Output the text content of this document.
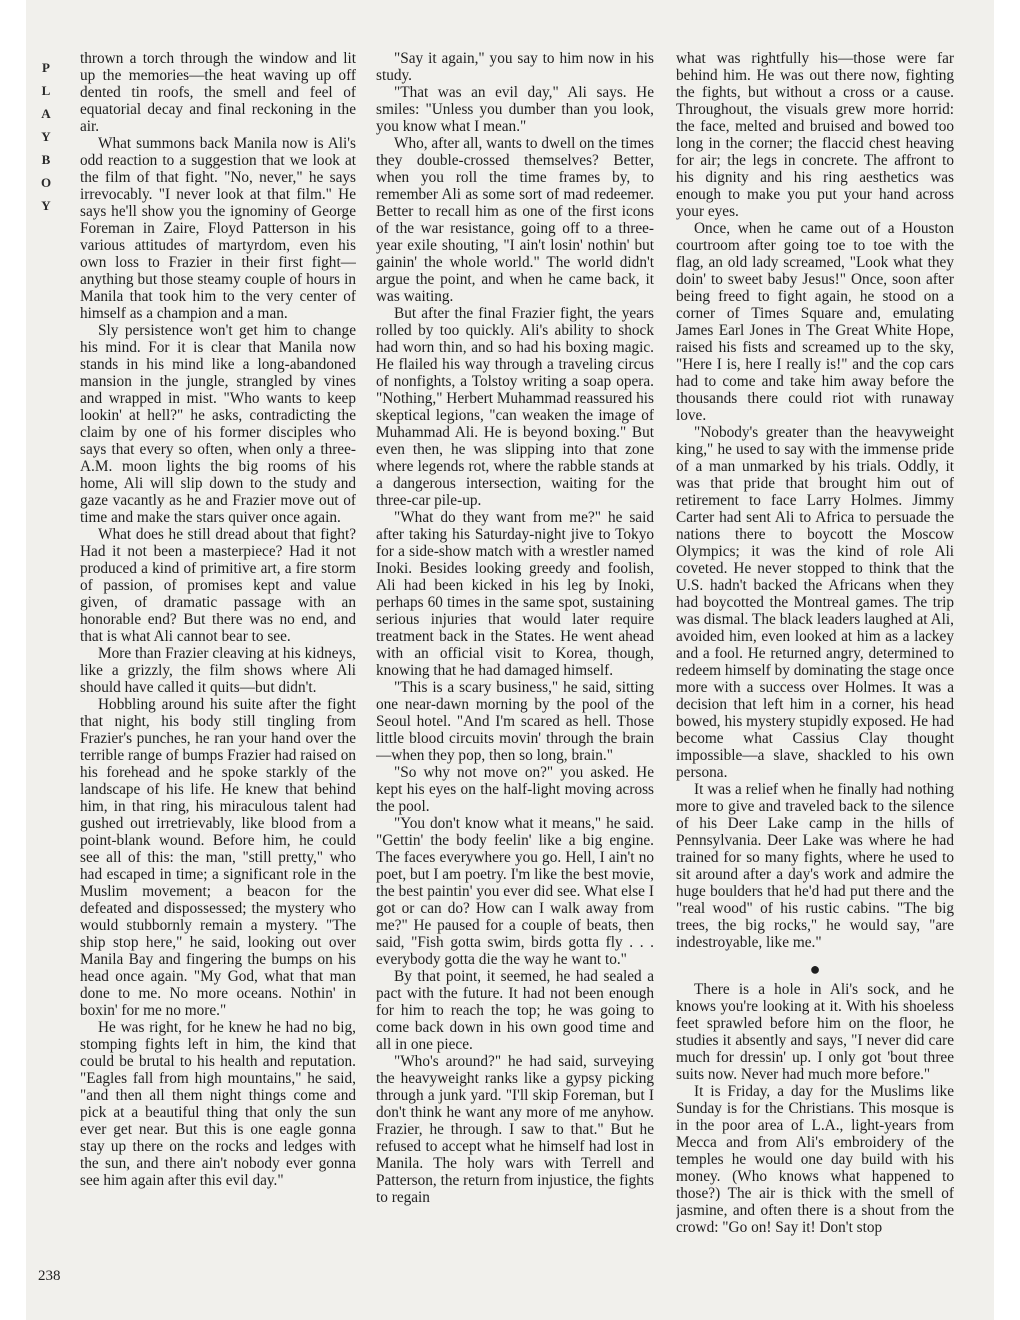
P
L
A
Y
B
O
Y

thrown a torch through the window and lit up the memories—the heat waving up off dented tin roofs, the smell and feel of equatorial decay and final reckoning in the air.

What summons back Manila now is Ali's odd reaction to a suggestion that we look at the film of that fight. "No, never," he says irrevocably. "I never look at that film." He says he'll show you the ignominy of George Foreman in Zaire, Floyd Patterson in his various attitudes of martyrdom, even his own loss to Frazier in their first fight—anything but those steamy couple of hours in Manila that took him to the very center of himself as a champion and a man.

Sly persistence won't get him to change his mind. For it is clear that Manila now stands in his mind like a long-abandoned mansion in the jungle, strangled by vines and wrapped in mist. "Who wants to keep lookin' at hell?" he asks, contradicting the claim by one of his former disciples who says that every so often, when only a three-A.M. moon lights the big rooms of his home, Ali will slip down to the study and gaze vacantly as he and Frazier move out of time and make the stars quiver once again.

What does he still dread about that fight? Had it not been a masterpiece? Had it not produced a kind of primitive art, a fire storm of passion, of promises kept and value given, of dramatic passage with an honorable end? But there was no end, and that is what Ali cannot bear to see.

More than Frazier cleaving at his kidneys, like a grizzly, the film shows where Ali should have called it quits—but didn't.

Hobbling around his suite after the fight that night, his body still tingling from Frazier's punches, he ran your hand over the terrible range of bumps Frazier had raised on his forehead and he spoke starkly of the landscape of his life. He knew that behind him, in that ring, his miraculous talent had gushed out irretrievably, like blood from a point-blank wound. Before him, he could see all of this: the man, "still pretty," who had escaped in time; a significant role in the Muslim movement; a beacon for the defeated and dispossessed; the mystery who would stubbornly remain a mystery. "The ship stop here," he said, looking out over Manila Bay and fingering the bumps on his head once again. "My God, what that man done to me. No more oceans. Nothin' in boxin' for me no more."

He was right, for he knew he had no big, stomping fights left in him, the kind that could be brutal to his health and reputation. "Eagles fall from high mountains," he said, "and then all them night things come and pick at a beautiful thing that only the sun ever get near. But this is one eagle gonna stay up there on the rocks and ledges with the sun, and there ain't nobody ever gonna see him again after this evil day."

"Say it again," you say to him now in his study.

"That was an evil day," Ali says. He smiles: "Unless you dumber than you look, you know what I mean."

Who, after all, wants to dwell on the times they double-crossed themselves? Better, when you roll the time frames by, to remember Ali as some sort of mad redeemer. Better to recall him as one of the first icons of the war resistance, going off to a three-year exile shouting, "I ain't losin' nothin' but gainin' the whole world." The world didn't argue the point, and when he came back, it was waiting.

But after the final Frazier fight, the years rolled by too quickly. Ali's ability to shock had worn thin, and so had his boxing magic. He flailed his way through a traveling circus of nonfights, a Tolstoy writing a soap opera. "Nothing," Herbert Muhammad reassured his skeptical legions, "can weaken the image of Muhammad Ali. He is beyond boxing." But even then, he was slipping into that zone where legends rot, where the rabble stands at a dangerous intersection, waiting for the three-car pile-up.

"What do they want from me?" he said after taking his Saturday-night jive to Tokyo for a side-show match with a wrestler named Inoki. Besides looking greedy and foolish, Ali had been kicked in his leg by Inoki, perhaps 60 times in the same spot, sustaining serious injuries that would later require treatment back in the States. He went ahead with an official visit to Korea, though, knowing that he had damaged himself.

"This is a scary business," he said, sitting one near-dawn morning by the pool of the Seoul hotel. "And I'm scared as hell. Those little blood circuits movin' through the brain—when they pop, then so long, brain."

"So why not move on?" you asked. He kept his eyes on the half-light moving across the pool.

"You don't know what it means," he said. "Gettin' the body feelin' like a big engine. The faces everywhere you go. Hell, I ain't no poet, but I am poetry. I'm like the best movie, the best paintin' you ever did see. What else I got or can do? How can I walk away from me?" He paused for a couple of beats, then said, "Fish gotta swim, birds gotta fly . . . everybody gotta die the way he want to."

By that point, it seemed, he had sealed a pact with the future. It had not been enough for him to reach the top; he was going to come back down in his own good time and all in one piece.

"Who's around?" he had said, surveying the heavyweight ranks like a gypsy picking through a junk yard. "I'll skip Foreman, but I don't think he want any more of me anyhow. Frazier, he through. I saw to that." But he refused to accept what he himself had lost in Manila. The holy wars with Terrell and Patterson, the return from injustice, the fights to regain

what was rightfully his—those were far behind him. He was out there now, fighting the fights, but without a cross or a cause. Throughout, the visuals grew more horrid: the face, melted and bruised and bowed too long in the corner; the flaccid chest heaving for air; the legs in concrete. The affront to his dignity and his ring aesthetics was enough to make you put your hand across your eyes.

Once, when he came out of a Houston courtroom after going toe to toe with the flag, an old lady screamed, "Look what they doin' to sweet baby Jesus!" Once, soon after being freed to fight again, he stood on a corner of Times Square and, emulating James Earl Jones in The Great White Hope, raised his fists and screamed up to the sky, "Here I is, here I really is!" and the cop cars had to come and take him away before the thousands there could riot with runaway love.

"Nobody's greater than the heavyweight king," he used to say with the immense pride of a man unmarked by his trials. Oddly, it was that pride that brought him out of retirement to face Larry Holmes. Jimmy Carter had sent Ali to Africa to persuade the nations there to boycott the Moscow Olympics; it was the kind of role Ali coveted. He never stopped to think that the U.S. hadn't backed the Africans when they had boycotted the Montreal games. The trip was dismal. The black leaders laughed at Ali, avoided him, even looked at him as a lackey and a fool. He returned angry, determined to redeem himself by dominating the stage once more with a success over Holmes. It was a decision that left him in a corner, his head bowed, his mystery stupidly exposed. He had become what Cassius Clay thought impossible—a slave, shackled to his own persona.

It was a relief when he finally had nothing more to give and traveled back to the silence of his Deer Lake camp in the hills of Pennsylvania. Deer Lake was where he had trained for so many fights, where he used to sit around after a day's work and admire the huge boulders that he'd had put there and the "real wood" of his rustic cabins. "The big trees, the big rocks," he would say, "are indestroyable, like me."

●

There is a hole in Ali's sock, and he knows you're looking at it. With his shoeless feet sprawled before him on the floor, he studies it absently and says, "I never did care much for dressin' up. I only got 'bout three suits now. Never had much more before."

It is Friday, a day for the Muslims like Sunday is for the Christians. This mosque is in the poor area of L.A., light-years from Mecca and from Ali's embroidery of the temples he would one day build with his money. (Who knows what happened to those?) The air is thick with the smell of jasmine, and often there is a shout from the crowd: "Go on! Say it! Don't stop

238
